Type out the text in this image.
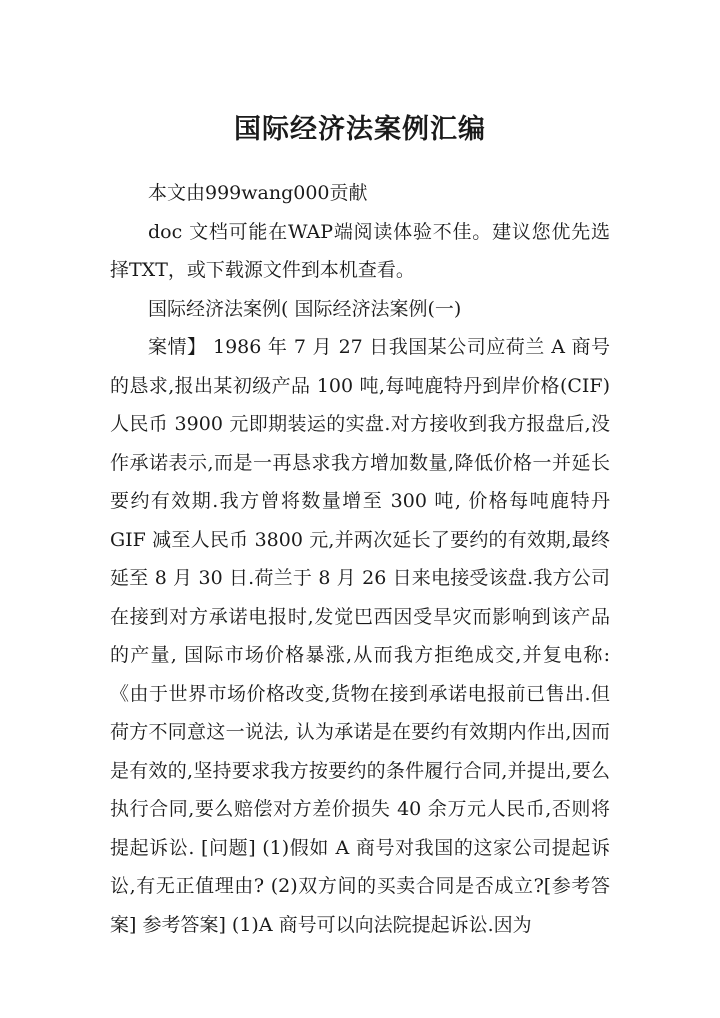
国际经济法案例汇编

本文由999wang000贡献

doc 文档可能在WAP端阅读体验不佳。建议您优先选择TXT，或下载源文件到本机查看。

国际经济法案例( 国际经济法案例(一)

案情】 1986 年 7 月 27 日我国某公司应荷兰 A 商号的恳求,报出某初级产品 100 吨,每吨鹿特丹到岸价格(CIF)人民币 3900 元即期装运的实盘.对方接收到我方报盘后,没作承诺表示,而是一再恳求我方增加数量,降低价格一并延长要约有效期.我方曾将数量增至 300 吨, 价格每吨鹿特丹 GIF 减至人民币 3800 元,并两次延长了要约的有效期,最终延至 8 月 30 日.荷兰于 8 月 26 日来电接受该盘.我方公司在接到对方承诺电报时,发觉巴西因受旱灾而影响到该产品的产量, 国际市场价格暴涨,从而我方拒绝成交,并复电称:《由于世界市场价格改变,货物在接到承诺电报前已售出.但荷方不同意这一说法, 认为承诺是在要约有效期内作出,因而是有效的,坚持要求我方按要约的条件履行合同,并提出,要么执行合同,要么赔偿对方差价损失 40 余万元人民币,否则将提起诉讼. [问题] (1)假如 A 商号对我国的这家公司提起诉讼,有无正值理由? (2)双方间的买卖合同是否成立?[参考答案] 参考答案] (1)A 商号可以向法院提起诉讼.因为
